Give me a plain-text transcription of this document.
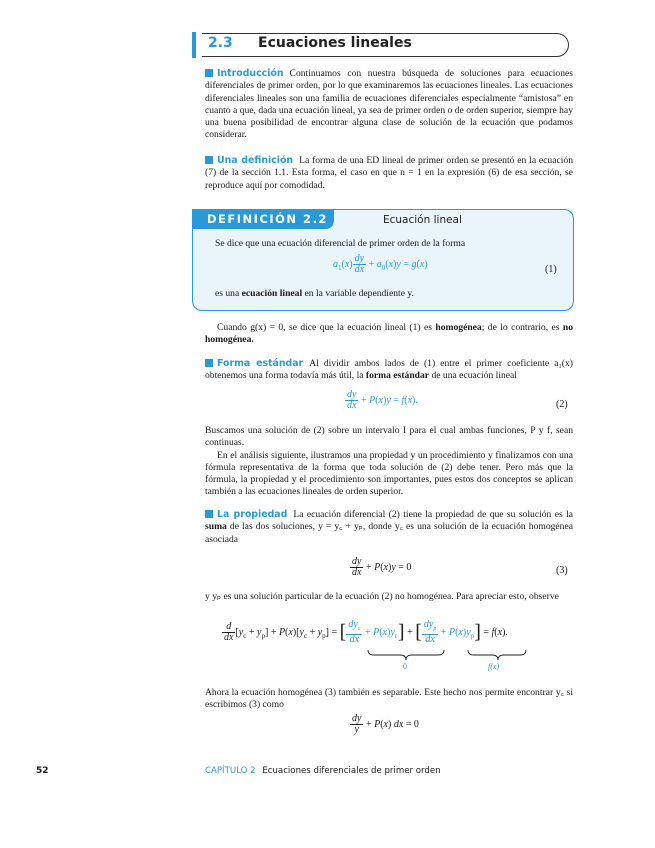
2.3 Ecuaciones lineales
Introducción Continuamos con nuestra búsqueda de soluciones para ecuaciones diferenciales de primer orden, por lo que examinaremos las ecuaciones lineales. Las ecuaciones diferenciales lineales son una familia de ecuaciones diferenciales especialmente “amistosa” en cuanto a que, dada una ecuación lineal, ya sea de primer orden o de orden superior, siempre hay una buena posibilidad de encontrar alguna clase de solución de la ecuación que podamos considerar.
Una definición La forma de una ED lineal de primer orden se presentó en la ecuación (7) de la sección 1.1. Esta forma, el caso en que n = 1 en la expresión (6) de esa sección, se reproduce aquí por comodidad.
DEFINICIÓN 2.2	Ecuación lineal
Se dice que una ecuación diferencial de primer orden de la forma
$a_1(x) \frac{dy}{dx} + a_0(x)y = g(x)$	(1)
es una ecuación lineal en la variable dependiente y.
Cuando g(x) = 0, se dice que la ecuación lineal (1) es homogénea; de lo contrario, es no homogénea.
Forma estándar Al dividir ambos lados de (1) entre el primer coeficiente a₁(x) obtenemos una forma todavía más útil, la forma estándar de una ecuación lineal
$\frac{dy}{dx} + P(x)y = f(x)$.	(2)

Buscamos una solución de (2) sobre un intervalo I para el cual ambas funciones, P y f, sean continuas.

En el análisis siguiente, ilustramos una propiedad y un procedimiento y finalizamos con una fórmula representativa de la forma que toda solución de (2) debe tener. Pero más que la fórmula, la propiedad y el procedimiento son importantes, pues estos dos conceptos se aplican también a las ecuaciones lineales de orden superior.

La propiedad La ecuación diferencial (2) tiene la propiedad de que su solución es la suma de las dos soluciones, y = y꜀ + yₚ, donde y꜀ es una solución de la ecuación homogénea asociada
$\frac{dy}{dx} + P(x)y = 0$	(3)
y yₚ es una solución particular de la ecuación (2) no homogénea. Para apreciar esto, observe
$\frac{d}{dx} [y_c + y_p] + P(x)[y_c + y_p]$ = [ $\frac{dy_c}{dx} + P(x)y_c$] + [ $\frac{dy_p}{dx} + P(x)y_p] = f(x)$.
0	f(x)
Ahora la ecuación homogénea (3) también es separable. Este hecho nos permite encontrar y꜀ si escribimos (3) como
$\frac{dy}{y} + P(x)$ dx = 0
52	CAPÍTULO 2 Ecuaciones diferenciales de primer orden
